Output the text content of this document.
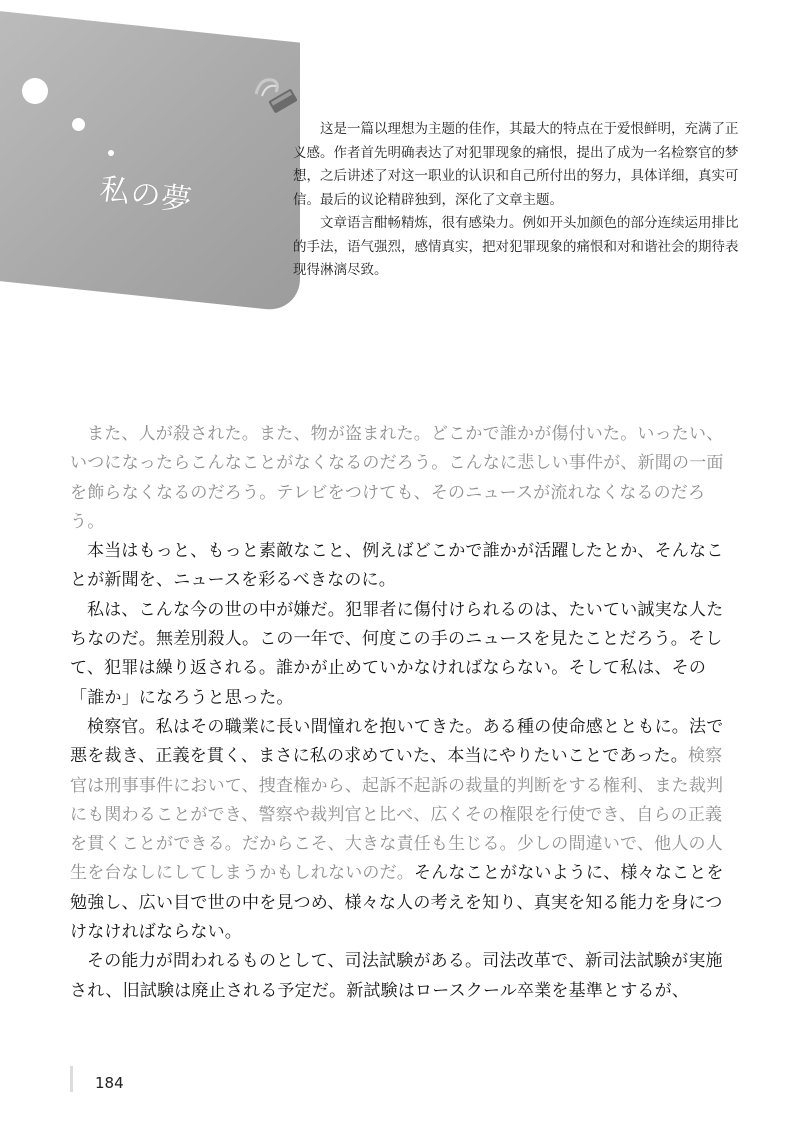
私の夢

这是一篇以理想为主题的佳作，其最大的特点在于爱恨鲜明，充满了正义感。作者首先明确表达了对犯罪现象的痛恨，提出了成为一名检察官的梦想，之后讲述了对这一职业的认识和自己所付出的努力，具体详细，真实可信。最后的议论精辟独到，深化了文章主题。

文章语言酣畅精炼，很有感染力。例如开头加颜色的部分连续运用排比的手法，语气强烈，感情真实，把对犯罪现象的痛恨和对和谐社会的期待表现得淋漓尽致。

また、人が殺された。また、物が盗まれた。どこかで誰かが傷付いた。いったい、いつになったらこんなことがなくなるのだろう。こんなに悲しい事件が、新聞の一面を飾らなくなるのだろう。テレビをつけても、そのニュースが流れなくなるのだろう。

本当はもっと、もっと素敵なこと、例えばどこかで誰かが活躍したとか、そんなことが新聞を、ニュースを彩るべきなのに。

私は、こんな今の世の中が嫌だ。犯罪者に傷付けられるのは、たいてい誠実な人たちなのだ。無差別殺人。この一年で、何度この手のニュースを見たことだろう。そして、犯罪は繰り返される。誰かが止めていかなければならない。そして私は、その「誰か」になろうと思った。

検察官。私はその職業に長い間憧れを抱いてきた。ある種の使命感とともに。法で悪を裁き、正義を貫く、まさに私の求めていた、本当にやりたいことであった。検察官は刑事事件において、捜査権から、起訴不起訴の裁量的判断をする権利、また裁判にも関わることができ、警察や裁判官と比べ、広くその権限を行使でき、自らの正義を貫くことができる。だからこそ、大きな責任も生じる。少しの間違いで、他人の人生を台なしにしてしまうかもしれないのだ。そんなことがないように、様々なことを勉強し、広い目で世の中を見つめ、様々な人の考えを知り、真実を知る能力を身につけなければならない。

その能力が問われるものとして、司法試験がある。司法改革で、新司法試験が実施され、旧試験は廃止される予定だ。新試験はロースクール卒業を基準とするが、

184
